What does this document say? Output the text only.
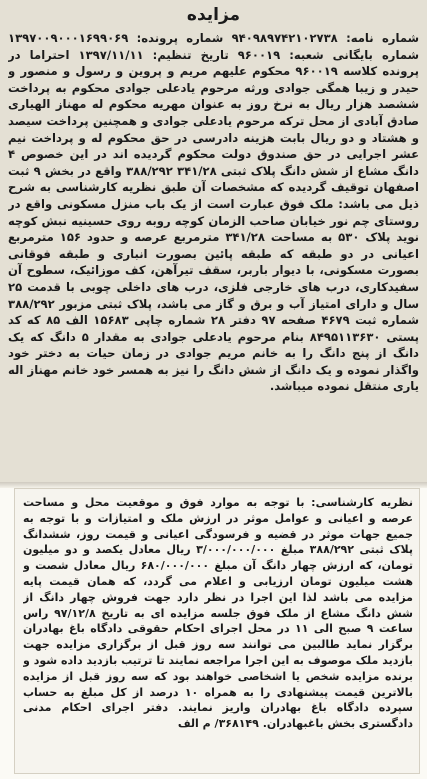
مزایده

شماره نامه: ۹۴۰۹۸۹۷۴۲۱۰۲۷۳۸ شماره پرونده: ۱۳۹۷۰۰۹۰۰۰۱۶۹۹۰۶۹ شماره بایگانی شعبه: ۹۶۰۰۱۹ تاریخ تنظیم: ۱۳۹۷/۱۱/۱۱ احتراما در پرونده کلاسه ۹۶۰۰۱۹ محکوم علیهم مریم و پروین و رسول و منصور و حیدر و زیبا همگی جوادی ورثه مرحوم یادعلی جوادی محکوم به پرداخت ششصد هزار ریال به نرخ روز به عنوان مهریه محکوم له مهناز الهیاری صادق آبادی از محل ترکه مرحوم یادعلی جوادی و همچنین پرداخت سیصد و هشتاد و دو ریال بابت هزینه دادرسی در حق محکوم له و پرداخت نیم عشر اجرایی در حق صندوق دولت محکوم گردیده اند در این خصوص ۴ دانگ مشاع از شش دانگ پلاک ثبتی ۳۴۱/۲۸ ۳۸۸/۲۹۲ واقع در بخش ۹ ثبت اصفهان توقیف گردیده که مشخصات آن طبق نظریه کارشناسی به شرح ذیل می باشد: ملک فوق عبارت است از یک باب منزل مسکونی واقع در روستای چم نور خیابان صاحب الزمان کوچه روبه روی حسینیه نبش کوچه نوید پلاک ۵۳۰ به مساحت ۳۴۱/۲۸ مترمربع عرصه و حدود ۱۵۶ مترمربع اعیانی در دو طبقه که طبقه پائین بصورت انباری و طبقه فوقانی بصورت مسکونی، با دیوار باربر، سقف تیرآهن، کف موزائیک، سطوح آن سفیدکاری، درب های خارجی فلزی، درب های داخلی چوبی با قدمت ۲۵ سال و دارای امتیاز آب و برق و گاز می باشد، پلاک ثبتی مزبور ۳۸۸/۲۹۲ شماره ثبت ۴۶۷۹ صفحه ۹۷ دفتر ۲۸ شماره چاپی ۱۵۶۸۳ الف ۸۵ که کد پستی ۸۴۹۵۱۱۳۶۳۰ بنام مرحوم یادعلی جوادی به مقدار ۵ دانگ که یک دانگ از پنج دانگ را به خانم مریم جوادی در زمان حیات به دختر خود واگذار نموده و یک دانگ از شش دانگ را نیز به همسر خود خانم مهناز اله یاری منتقل نموده میباشد.

نظریه کارشناسی: با توجه به موارد فوق و موقعیت محل و مساحت عرصه و اعیانی و عوامل موثر در ارزش ملک و امتیازات و با توجه به جمیع جهات موثر در قضیه و فرسودگی اعیانی و قیمت روز، ششدانگ پلاک ثبتی ۳۸۸/۲۹۲ مبلغ ۳/۰۰۰/۰۰۰/۰۰۰ ریال معادل یکصد و دو میلیون تومان، که ارزش چهار دانگ آن مبلغ ۶۸۰/۰۰۰/۰۰۰ ریال معادل شصت و هشت میلیون تومان ارزیابی و اعلام می گردد، که همان قیمت پایه مزایده می باشد لذا این اجرا در نظر دارد جهت فروش چهار دانگ از شش دانگ مشاع از ملک فوق جلسه مزایده ای به تاریخ ۹۷/۱۲/۸ راس ساعت ۹ صبح الی ۱۱ در محل اجرای احکام حقوقی دادگاه باغ بهادران برگزار نماید طالبین می توانند سه روز قبل از برگزاری مزایده جهت بازدید ملک موصوف به این اجرا مراجعه نمایند تا ترتیب بازدید داده شود و برنده مزایده شخص یا اشخاصی خواهند بود که سه روز قبل از مزایده بالاترین قیمت پیشنهادی را به همراه ۱۰ درصد از کل مبلغ به حساب سپرده دادگاه باغ بهادران واریز نمایند. دفتر اجرای احکام مدنی دادگستری بخش باغبهادران. ۳۶۸۱۴۹/ م الف
